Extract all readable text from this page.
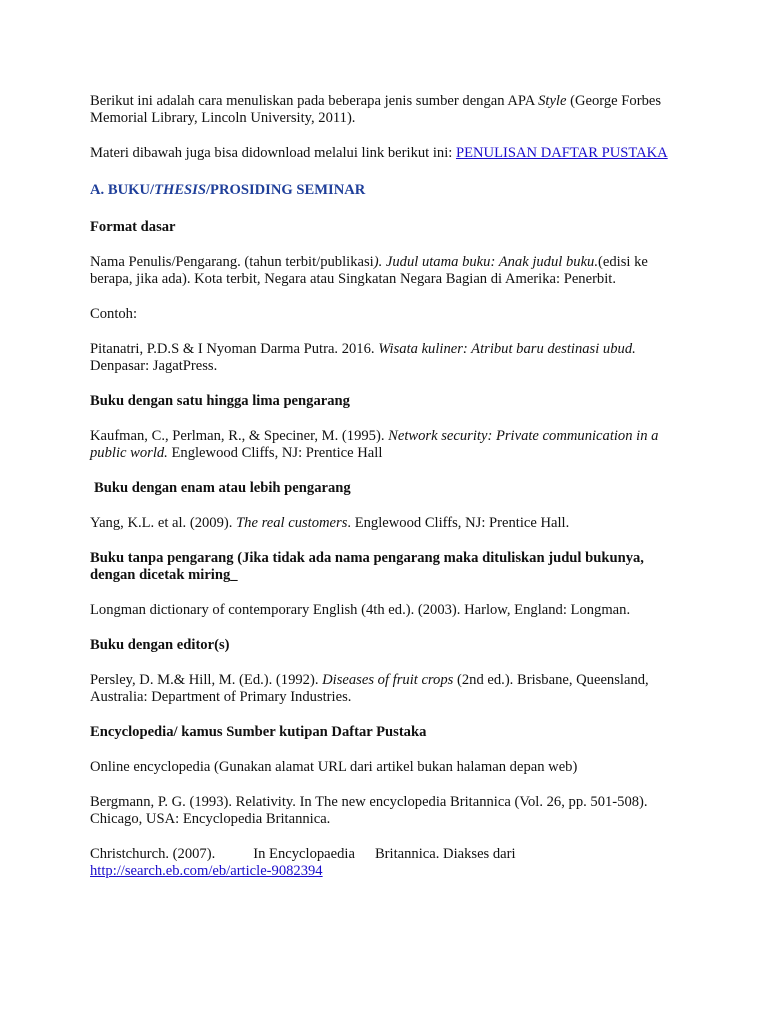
Berikut ini adalah cara menuliskan pada beberapa jenis sumber dengan APA Style (George Forbes Memorial Library, Lincoln University, 2011).

Materi dibawah juga bisa didownload melalui link berikut ini: PENULISAN DAFTAR PUSTAKA

A. BUKU/THESIS/PROSIDING SEMINAR

Format dasar

Nama Penulis/Pengarang. (tahun terbit/publikasi). Judul utama buku: Anak judul buku.(edisi ke berapa, jika ada). Kota terbit, Negara atau Singkatan Negara Bagian di Amerika: Penerbit.

Contoh:

Pitanatri, P.D.S & I Nyoman Darma Putra. 2016. Wisata kuliner: Atribut baru destinasi ubud. Denpasar: JagatPress.

Buku dengan satu hingga lima pengarang

Kaufman, C., Perlman, R., & Speciner, M. (1995). Network security: Private communication in a public world. Englewood Cliffs, NJ: Prentice Hall

Buku dengan enam atau lebih pengarang

Yang, K.L. et al. (2009). The real customers. Englewood Cliffs, NJ: Prentice Hall.

Buku tanpa pengarang (Jika tidak ada nama pengarang maka dituliskan judul bukunya, dengan dicetak miring_

Longman dictionary of contemporary English (4th ed.). (2003). Harlow, England: Longman.

Buku dengan editor(s)

Persley, D. M.& Hill, M. (Ed.). (1992). Diseases of fruit crops (2nd ed.). Brisbane, Queensland, Australia: Department of Primary Industries.

Encyclopedia/ kamus Sumber kutipan Daftar Pustaka

Online encyclopedia (Gunakan alamat URL dari artikel bukan halaman depan web)

Bergmann, P. G. (1993). Relativity. In The new encyclopedia Britannica (Vol. 26, pp. 501-508). Chicago, USA: Encyclopedia Britannica.

Christchurch. (2007).	In Encyclopaedia Britannica. Diakses dari
http://search.eb.com/eb/article-9082394
